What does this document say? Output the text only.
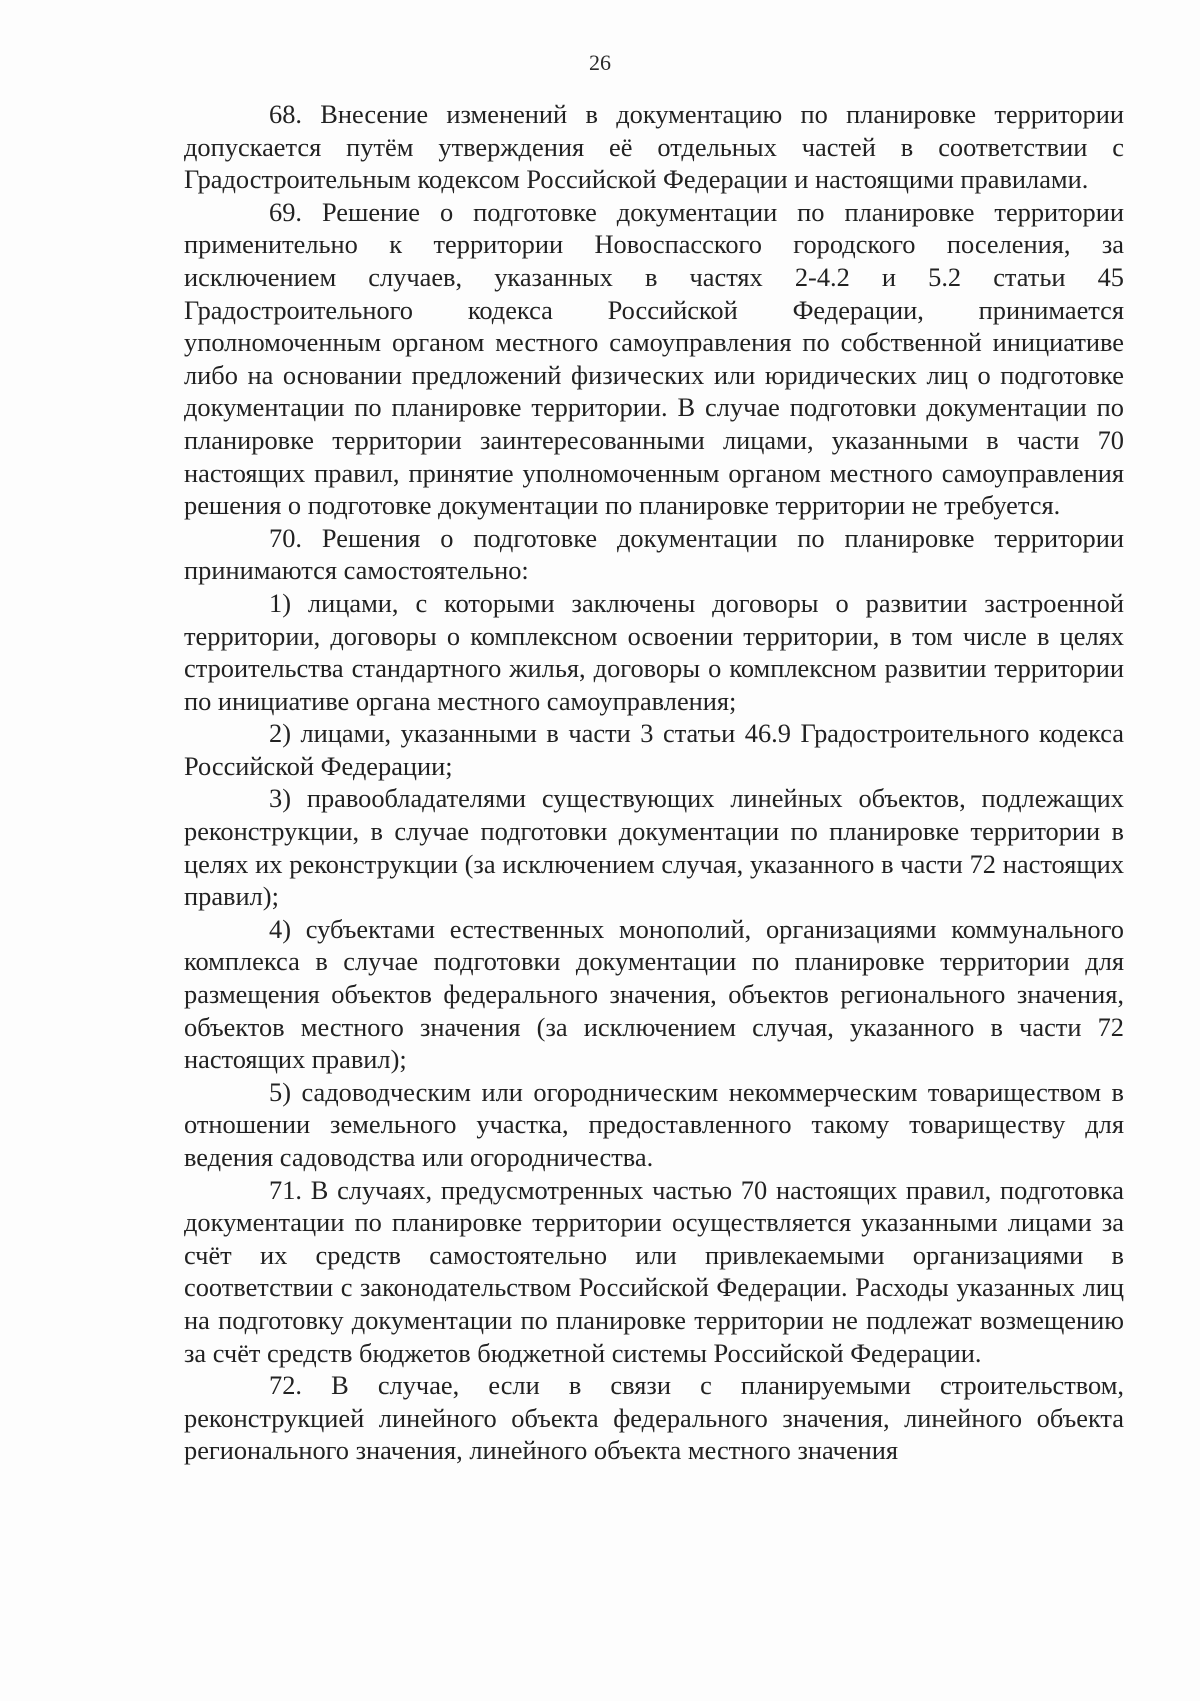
26

68. Внесение изменений в документацию по планировке территории допускается путём утверждения её отдельных частей в соответствии с Градостроительным кодексом Российской Федерации и настоящими правилами.

69. Решение о подготовке документации по планировке территории применительно к территории Новоспасского городского поселения, за исключением случаев, указанных в частях 2-4.2 и 5.2 статьи 45 Градостроительного кодекса Российской Федерации, принимается уполномоченным органом местного самоуправления по собственной инициативе либо на основании предложений физических или юридических лиц о подготовке документации по планировке территории. В случае подготовки документации по планировке территории заинтересованными лицами, указанными в части 70 настоящих правил, принятие уполномоченным органом местного самоуправления решения о подготовке документации по планировке территории не требуется.

70. Решения о подготовке документации по планировке территории принимаются самостоятельно:

1) лицами, с которыми заключены договоры о развитии застроенной территории, договоры о комплексном освоении территории, в том числе в целях строительства стандартного жилья, договоры о комплексном развитии территории по инициативе органа местного самоуправления;

2) лицами, указанными в части 3 статьи 46.9 Градостроительного кодекса Российской Федерации;

3) правообладателями существующих линейных объектов, подлежащих реконструкции, в случае подготовки документации по планировке территории в целях их реконструкции (за исключением случая, указанного в части 72 настоящих правил);

4) субъектами естественных монополий, организациями коммунального комплекса в случае подготовки документации по планировке территории для размещения объектов федерального значения, объектов регионального значения, объектов местного значения (за исключением случая, указанного в части 72 настоящих правил);

5) садоводческим или огородническим некоммерческим товариществом в отношении земельного участка, предоставленного такому товариществу для ведения садоводства или огородничества.

71. В случаях, предусмотренных частью 70 настоящих правил, подготовка документации по планировке территории осуществляется указанными лицами за счёт их средств самостоятельно или привлекаемыми организациями в соответствии с законодательством Российской Федерации. Расходы указанных лиц на подготовку документации по планировке территории не подлежат возмещению за счёт средств бюджетов бюджетной системы Российской Федерации.

72. В случае, если в связи с планируемыми строительством, реконструкцией линейного объекта федерального значения, линейного объекта регионального значения, линейного объекта местного значения
